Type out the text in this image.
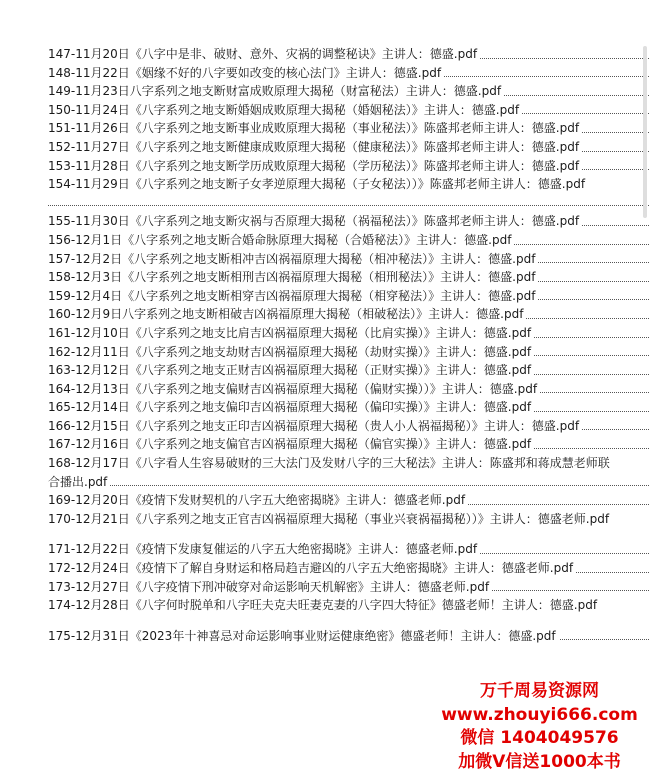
147-11月20日《八字中是非、破财、意外、灾祸的调整秘诀》主讲人：德盛.pdf
148-11月22日《姻缘不好的八字要如改变的核心法门》主讲人：德盛.pdf
149-11月23日八字系列之地支断财富成败原理大揭秘（财富秘法）主讲人：德盛.pdf
150-11月24日《八字系列之地支断婚姻成败原理大揭秘（婚姻秘法）》主讲人：德盛.pdf
151-11月26日《八字系列之地支断事业成败原理大揭秘（事业秘法）》陈盛邦老师主讲人：德盛.pdf
152-11月27日《八字系列之地支断健康成败原理大揭秘（健康秘法）》陈盛邦老师主讲人：德盛.pdf
153-11月28日《八字系列之地支断学历成败原理大揭秘（学历秘法）》陈盛邦老师主讲人：德盛.pdf
154-11月29日《八字系列之地支断子女孝逆原理大揭秘（子女秘法））》陈盛邦老师主讲人：德盛.pdf
155-11月30日《八字系列之地支断灾祸与否原理大揭秘（祸福秘法）》陈盛邦老师主讲人：德盛.pdf
156-12月1日《八字系列之地支断合婚命脉原理大揭秘（合婚秘法）》主讲人：德盛.pdf
157-12月2日《八字系列之地支断相冲吉凶祸福原理大揭秘（相冲秘法）》主讲人：德盛.pdf
158-12月3日《八字系列之地支断相刑吉凶祸福原理大揭秘（相刑秘法）》主讲人：德盛.pdf
159-12月4日《八字系列之地支断相穿吉凶祸福原理大揭秘（相穿秘法）》主讲人：德盛.pdf
160-12月9日八字系列之地支断相破吉凶祸福原理大揭秘（相破秘法）》主讲人：德盛.pdf
161-12月10日《八字系列之地支比肩吉凶祸福原理大揭秘（比肩实操）》主讲人：德盛.pdf
162-12月11日《八字系列之地支劫财吉凶祸福原理大揭秘（劫财实操）》主讲人：德盛.pdf
163-12月12日《八字系列之地支正财吉凶祸福原理大揭秘（正财实操）》主讲人：德盛.pdf
164-12月13日《八字系列之地支偏财吉凶祸福原理大揭秘（偏财实操））》主讲人：德盛.pdf
165-12月14日《八字系列之地支偏印吉凶祸福原理大揭秘（偏印实操）》主讲人：德盛.pdf
166-12月15日《八字系列之地支正印吉凶祸福原理大揭秘（贵人小人祸福揭秘）》主讲人：德盛.pdf
167-12月16日《八字系列之地支偏官吉凶祸福原理大揭秘（偏官实操）》主讲人：德盛.pdf
168-12月17日《八字看人生容易破财的三大法门及发财八字的三大秘法》主讲人：陈盛邦和蒋成慧老师联
合播出.pdf
169-12月20日《疫情下发财契机的八字五大绝密揭晓》主讲人：德盛老师.pdf
170-12月21日《八字系列之地支正官吉凶祸福原理大揭秘（事业兴衰祸福揭秘））》主讲人：德盛老师.pdf
171-12月22日《疫情下发康复催运的八字五大绝密揭晓》主讲人：德盛老师.pdf
172-12月24日《疫情下了解自身财运和格局趋吉避凶的八字五大绝密揭晓》主讲人：德盛老师.pdf
173-12月27日《八字疫情下刑冲破穿对命运影响天机解密》主讲人：德盛老师.pdf
174-12月28日《八字何时脱单和八字旺夫克夫旺妻克妻的八字四大特征》德盛老师！主讲人：德盛.pdf
175-12月31日《2023年十神喜忌对命运影响事业财运健康绝密》德盛老师！主讲人：德盛.pdf
万千周易资源网
www.zhouyi666.com
微信 1404049576
加微V信送1000本书
